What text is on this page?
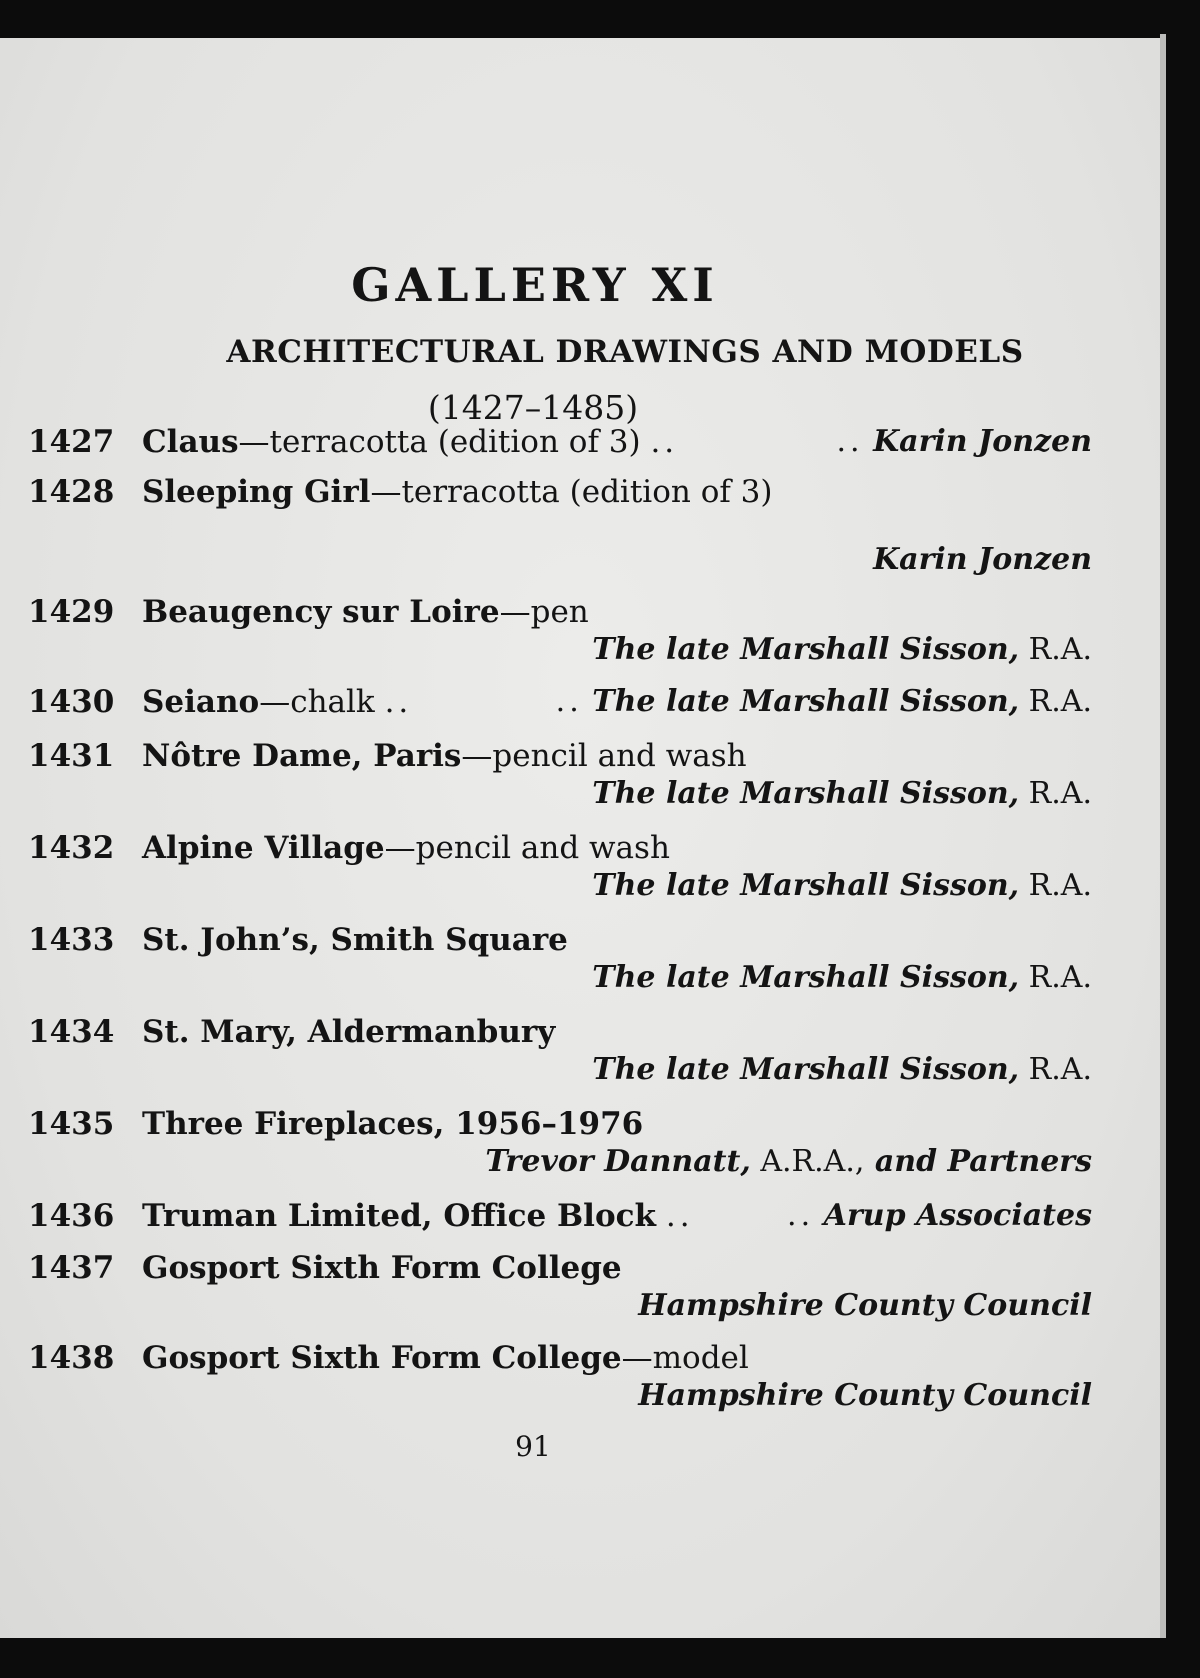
GALLERY XI
ARCHITECTURAL DRAWINGS AND MODELS
(1427–1485)
1427 Claus—terracotta (edition of 3) ..	.. Karin Jonzen
1428 Sleeping Girl—terracotta (edition of 3)
Karin Jonzen
1429 Beaugency sur Loire—pen
The late Marshall Sisson, R.A.
1430 Seiano—chalk ..	.. The late Marshall Sisson, R.A.
1431 Nôtre Dame, Paris—pencil and wash
The late Marshall Sisson, R.A.
1432 Alpine Village—pencil and wash
The late Marshall Sisson, R.A.
1433 St. John’s, Smith Square
The late Marshall Sisson, R.A.
1434 St. Mary, Aldermanbury
The late Marshall Sisson, R.A.
1435 Three Fireplaces, 1956–1976
Trevor Dannatt, A.R.A., and Partners
1436 Truman Limited, Office Block ..	.. Arup Associates
1437 Gosport Sixth Form College
Hampshire County Council
1438 Gosport Sixth Form College—model
Hampshire County Council
91
